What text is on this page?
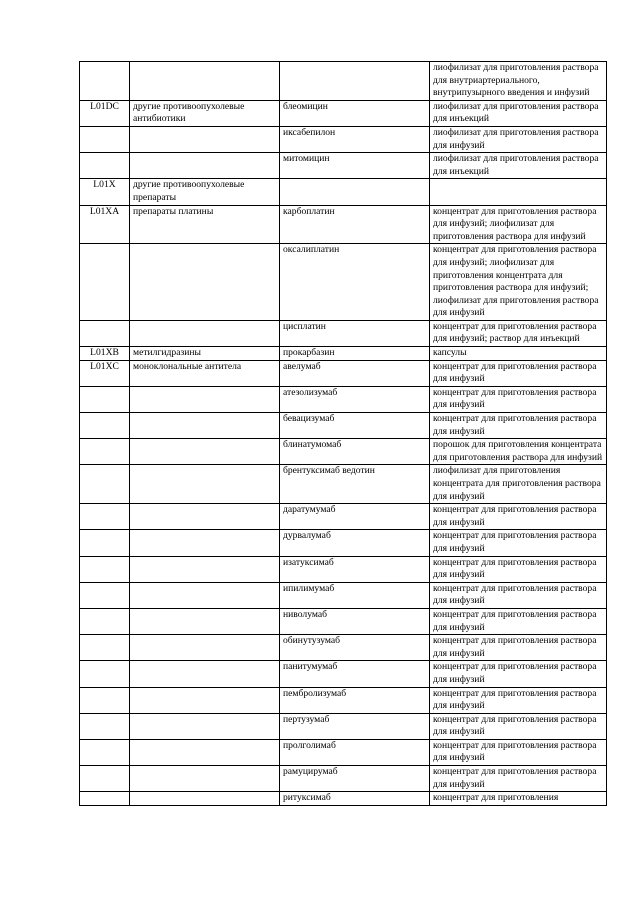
			лиофилизат для приготовления раствора для внутриартериального, внутрипузырного введения и инфузий
L01DC	другие противоопухолевые антибиотики	блеомицин	лиофилизат для приготовления раствора для инъекций
		иксабепилон	лиофилизат для приготовления раствора для инфузий
		митомицин	лиофилизат для приготовления раствора для инъекций
L01X	другие противоопухолевые препараты		
L01XA	препараты платины	карбоплатин	концентрат для приготовления раствора для инфузий; лиофилизат для приготовления раствора для инфузий
		оксалиплатин	концентрат для приготовления раствора для инфузий; лиофилизат для приготовления концентрата для приготовления раствора для инфузий; лиофилизат для приготовления раствора для инфузий
		цисплатин	концентрат для приготовления раствора для инфузий; раствор для инъекций
L01XB	метилгидразины	прокарбазин	капсулы
L01XC	моноклональные антитела	авелумаб	концентрат для приготовления раствора для инфузий
		атезолизумаб	концентрат для приготовления раствора для инфузий
		бевацизумаб	концентрат для приготовления раствора для инфузий
		блинатумомаб	порошок для приготовления концентрата для приготовления раствора для инфузий
		брентуксимаб ведотин	лиофилизат для приготовления концентрата для приготовления раствора для инфузий
		даратумумаб	концентрат для приготовления раствора для инфузий
		дурвалумаб	концентрат для приготовления раствора для инфузий
		изатуксимаб	концентрат для приготовления раствора для инфузий
		ипилимумаб	концентрат для приготовления раствора для инфузий
		ниволумаб	концентрат для приготовления раствора для инфузий
		обинутузумаб	концентрат для приготовления раствора для инфузий
		панитумумаб	концентрат для приготовления раствора для инфузий
		пембролизумаб	концентрат для приготовления раствора для инфузий
		пертузумаб	концентрат для приготовления раствора для инфузий
		пролголимаб	концентрат для приготовления раствора для инфузий
		рамуцирумаб	концентрат для приготовления раствора для инфузий
		ритуксимаб	концентрат для приготовления
